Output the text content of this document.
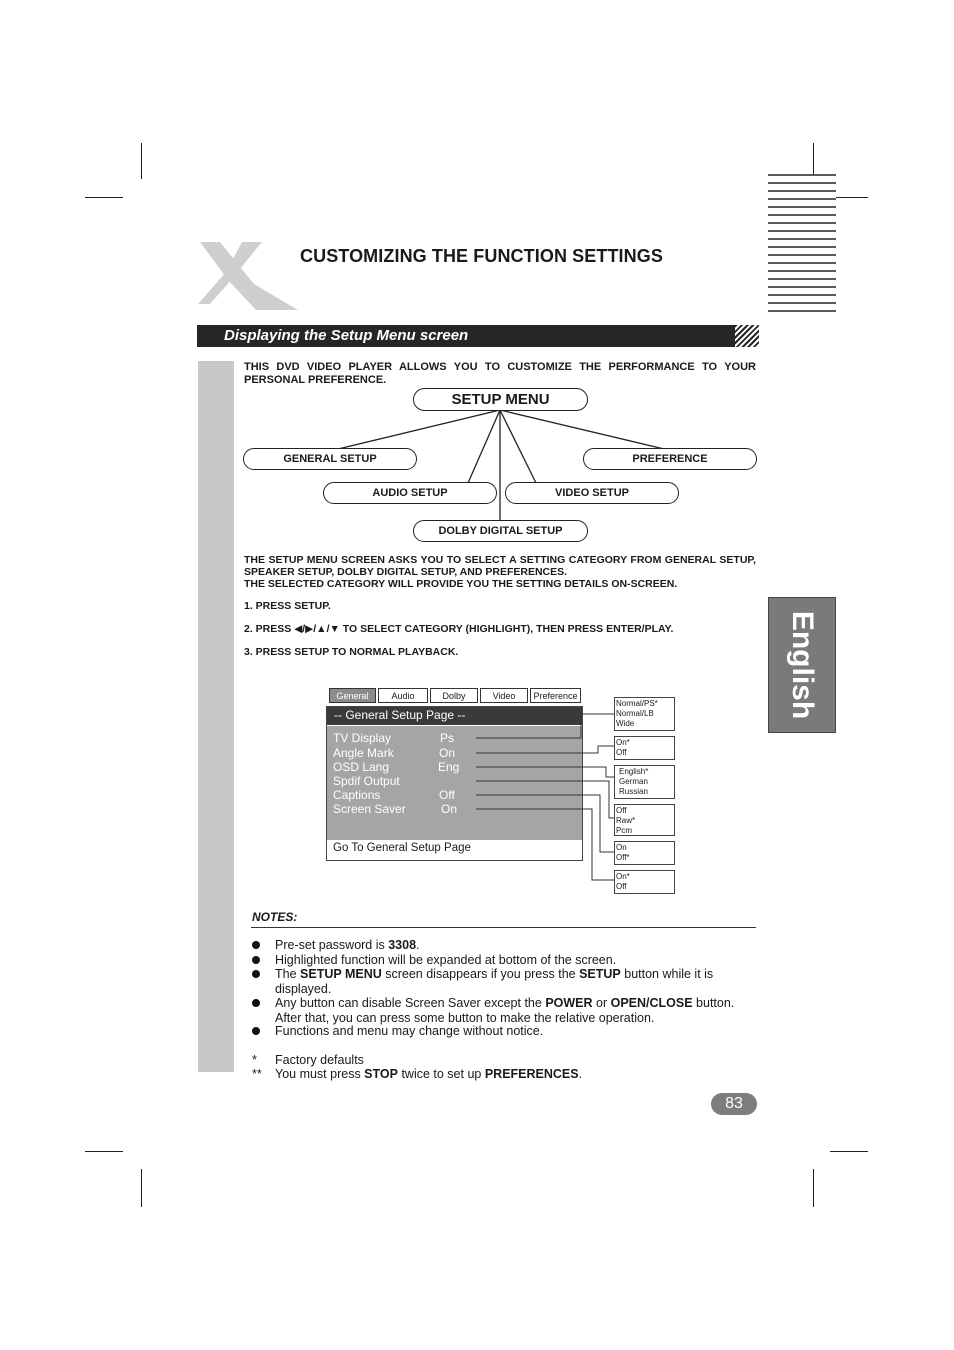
CUSTOMIZING THE FUNCTION SETTINGS
Displaying the Setup Menu screen
English
THIS DVD VIDEO PLAYER ALLOWS YOU TO CUSTOMIZE THE PERFORMANCE TO YOUR PERSONAL PREFERENCE.
SETUP MENU
GENERAL SETUP	PREFERENCE
AUDIO SETUP	VIDEO SETUP
DOLBY DIGITAL SETUP
THE SETUP MENU SCREEN ASKS YOU TO SELECT A SETTING CATEGORY FROM GENERAL SETUP, SPEAKER SETUP, DOLBY DIGITAL SETUP, AND PREFERENCES.
THE SELECTED CATEGORY WILL PROVIDE YOU THE SETTING DETAILS ON-SCREEN.
1. PRESS SETUP.
2. PRESS ◀/▶/▲/▼ TO SELECT CATEGORY (HIGHLIGHT), THEN PRESS ENTER/PLAY.
3. PRESS SETUP TO NORMAL PLAYBACK.
General	Audio	Dolby	Video	Preference
-- General Setup Page --
TV Display	Ps
Angle Mark	On
OSD Lang	Eng
Spdif Output
Captions	Off
Screen Saver	On
Go To General Setup Page
Normal/PS*
Normal/LB
Wide
On*
Off
English*
German
Russian
Off
Raw*
Pcm
On
Off*
On*
Off
NOTES:
Pre-set password is 3308.
Highlighted function will be expanded at bottom of the screen.
The SETUP MENU screen disappears if you press the SETUP button while it is displayed.
Any button can disable Screen Saver except the POWER or OPEN/CLOSE button. After that, you can press some button to make the relative operation.
Functions and menu may change without notice.
* Factory defaults
** You must press STOP twice to set up PREFERENCES.
83
